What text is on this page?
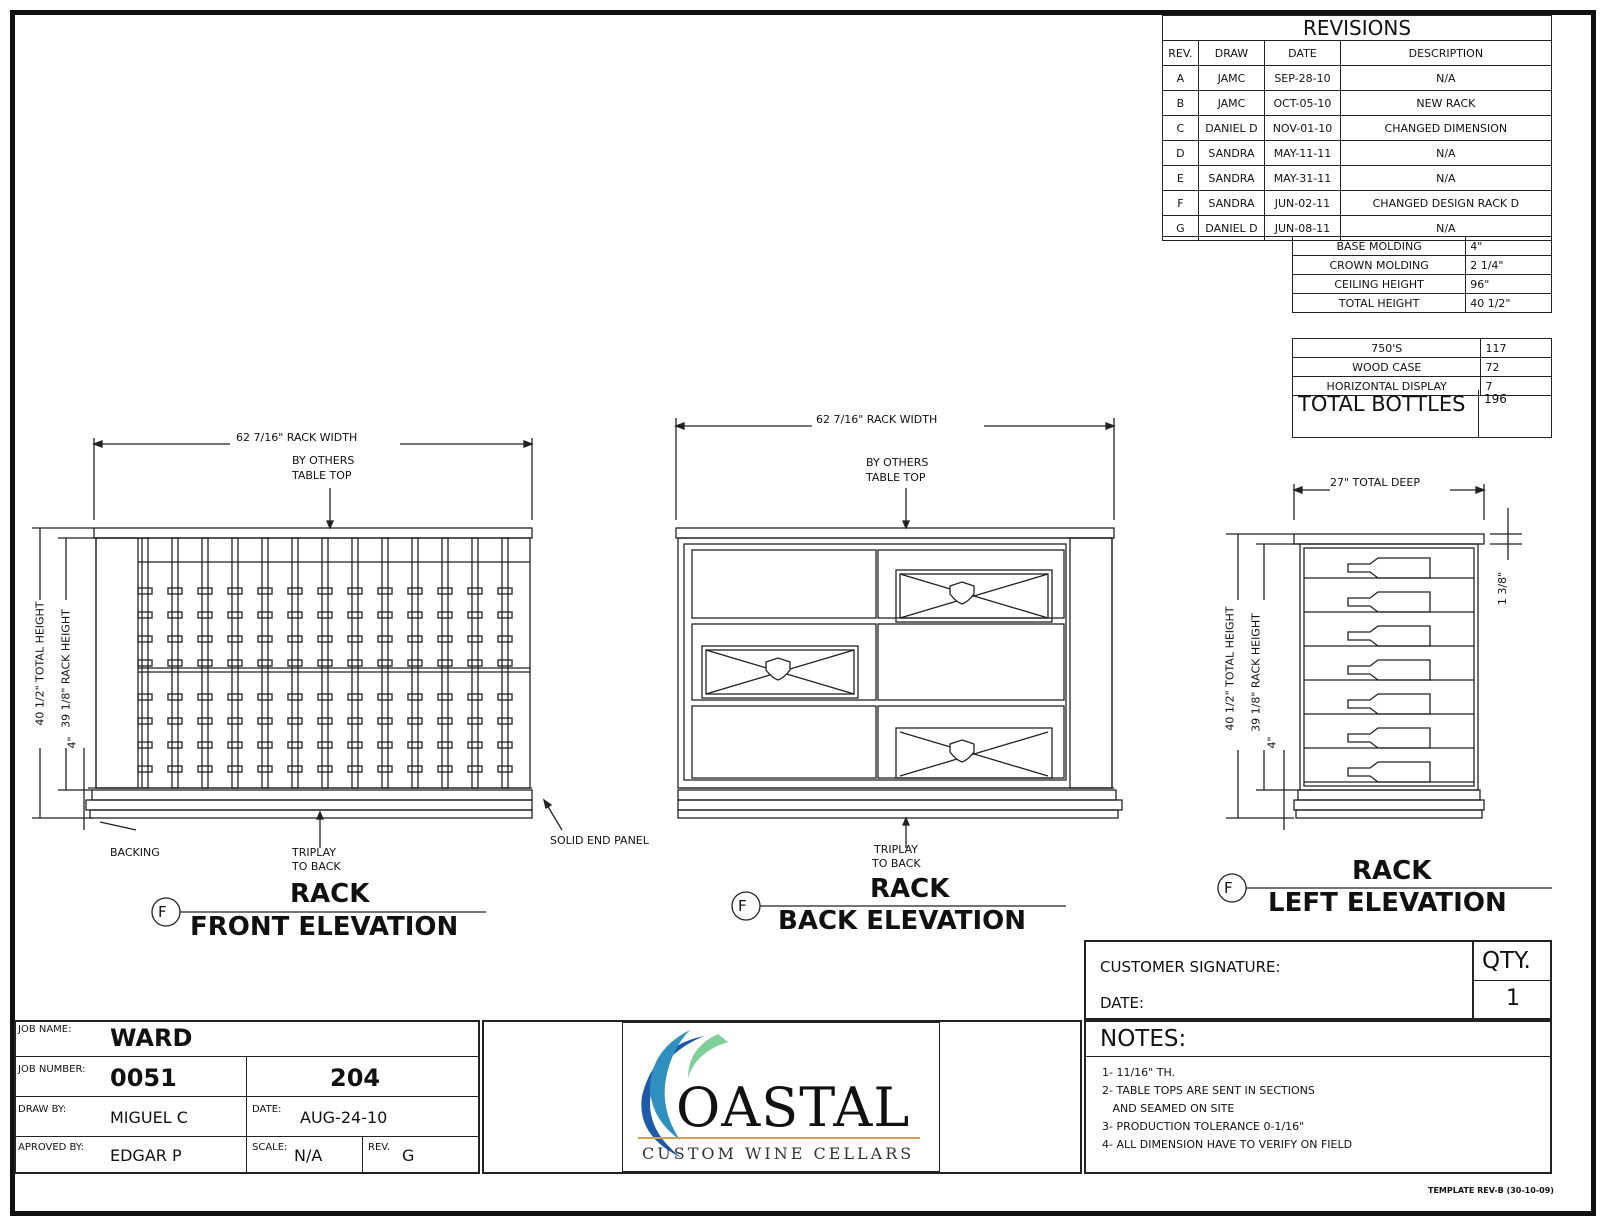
REVISIONS
REV.	DRAW	DATE	DESCRIPTION
A	JAMC	SEP-28-10	N/A
B	JAMC	OCT-05-10	NEW RACK
C	DANIEL D	NOV-01-10	CHANGED DIMENSION
D	SANDRA	MAY-11-11	N/A
E	SANDRA	MAY-31-11	N/A
F	SANDRA	JUN-02-11	CHANGED DESIGN RACK D
G	DANIEL D	JUN-08-11	N/A
BASE MOLDING	4"
CROWN MOLDING	2 1/4"
CEILING HEIGHT	96"
TOTAL HEIGHT	40 1/2"
750'S	117
WOOD CASE	72
HORIZONTAL DISPLAY	7
TOTAL BOTTLES 196
62 7/16" RACK WIDTH
BY OTHERS
TABLE TOP
40 1/2" TOTAL HEIGHT 39 1/8" RACK HEIGHT
4"
BACKING	TRIPLAY
TO BACK
SOLID END PANEL
F
RACK
FRONT ELEVATION
62 7/16" RACK WIDTH
BY OTHERS
TABLE TOP
TRIPLAY
TO BACK
F
RACK
BACK ELEVATION
27" TOTAL DEEP
40 1/2" TOTAL HEIGHT 39 1/8" RACK HEIGHT
4"
1 3/8"
F
RACK
LEFT ELEVATION
CUSTOMER SIGNATURE:
DATE:
QTY.
1
NOTES:
1- 11/16" TH.
2- TABLE TOPS ARE SENT IN SECTIONS
AND SEAMED ON SITE
3- PRODUCTION TOLERANCE 0-1/16"
4- ALL DIMENSION HAVE TO VERIFY ON FIELD
JOB NAME: WARD
JOB NUMBER: 0051	204
DRAW BY:	MIGUEL C	DATE: AUG-24-10
APROVED BY: EDGAR P	SCALE: N/A	REV. G
OASTAL
CUSTOM WINE CELLARS
TEMPLATE REV-B (30-10-09)
